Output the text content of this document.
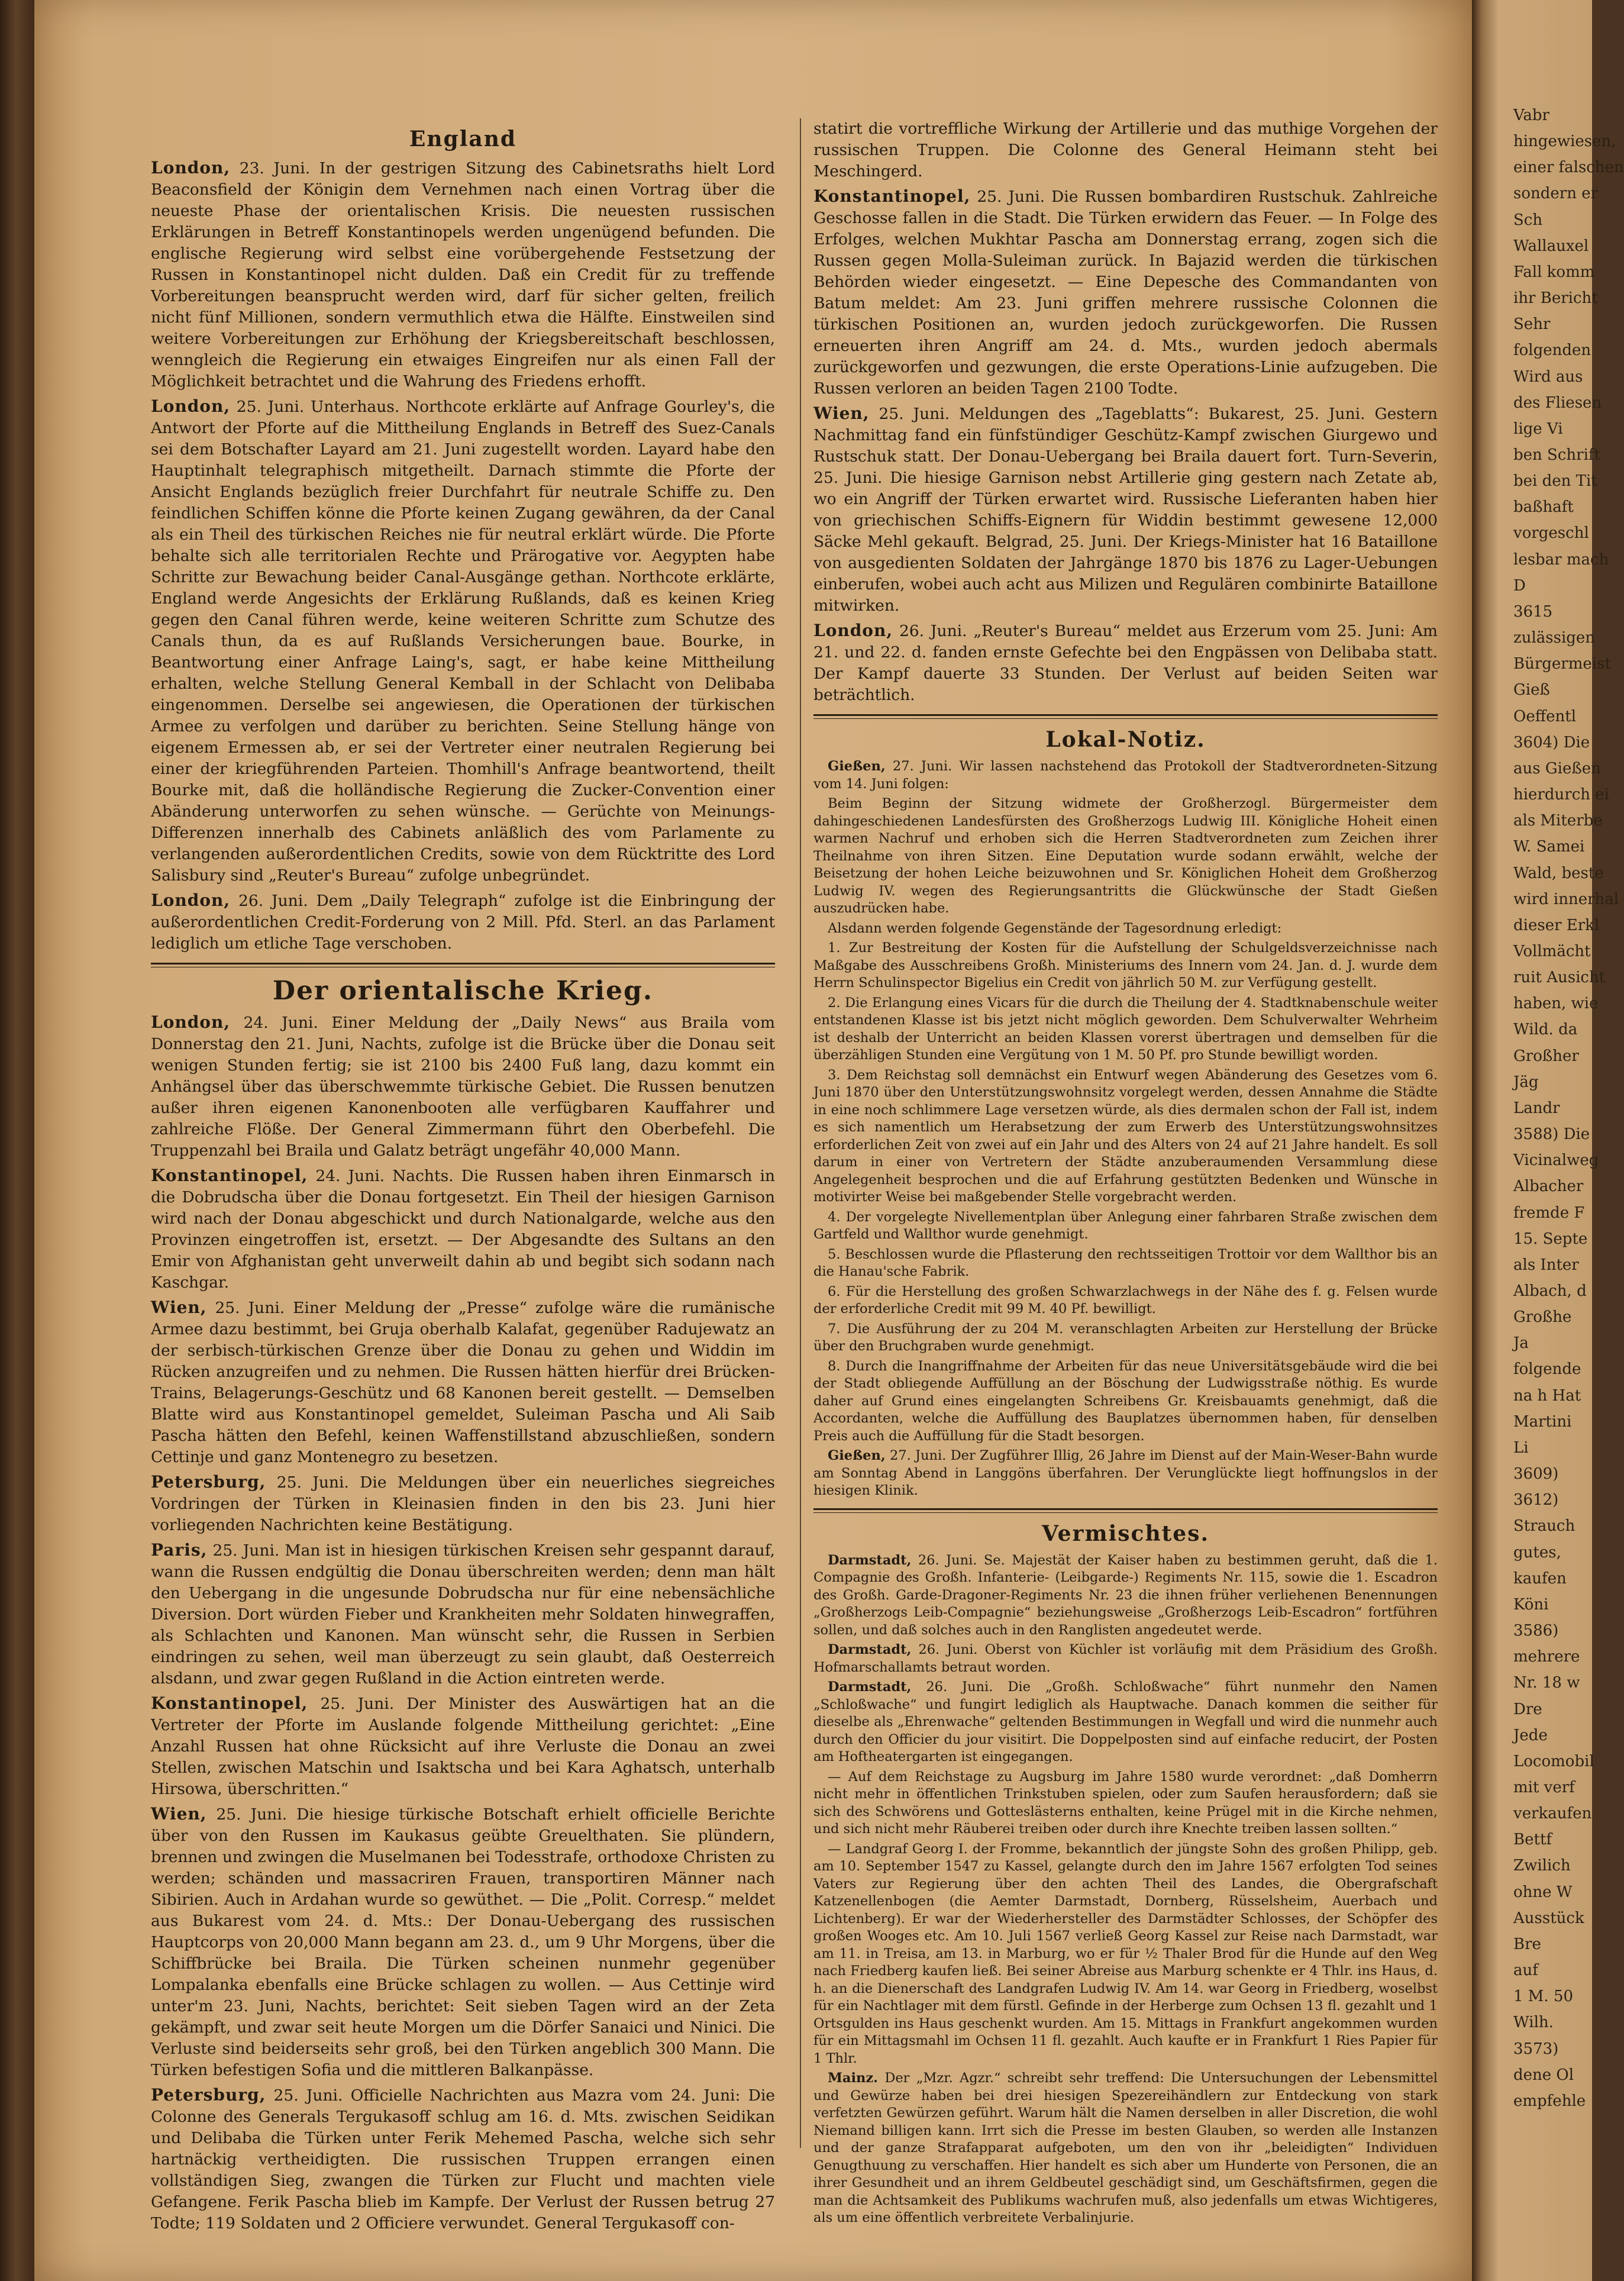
England

London, 23. Juni. In der gestrigen Sitzung des Cabinetsraths hielt Lord Beaconsfield der Königin dem Vernehmen nach einen Vortrag über die neueste Phase der orientalischen Krisis. Die neuesten russischen Erklärungen in Betreff Konstantinopels werden ungenügend befunden. Die englische Regierung wird selbst eine vorübergehende Festsetzung der Russen in Konstantinopel nicht dulden. Daß ein Credit für zu treffende Vorbereitungen beansprucht werden wird, darf für sicher gelten, freilich nicht fünf Millionen, sondern vermuthlich etwa die Hälfte. Einstweilen sind weitere Vorbereitungen zur Erhöhung der Kriegsbereitschaft beschlossen, wenngleich die Regierung ein etwaiges Eingreifen nur als einen Fall der Möglichkeit betrachtet und die Wahrung des Friedens erhofft.

London, 25. Juni. Unterhaus. Northcote erklärte auf Anfrage Gourley's, die Antwort der Pforte auf die Mittheilung Englands in Betreff des Suez-Canals sei dem Botschafter Layard am 21. Juni zugestellt worden. Layard habe den Hauptinhalt telegraphisch mitgetheilt. Darnach stimmte die Pforte der Ansicht Englands bezüglich freier Durchfahrt für neutrale Schiffe zu. Den feindlichen Schiffen könne die Pforte keinen Zugang gewähren, da der Canal als ein Theil des türkischen Reiches nie für neutral erklärt würde. Die Pforte behalte sich alle territorialen Rechte und Prärogative vor. Aegypten habe Schritte zur Bewachung beider Canal-Ausgänge gethan. Northcote erklärte, England werde Angesichts der Erklärung Rußlands, daß es keinen Krieg gegen den Canal führen werde, keine weiteren Schritte zum Schutze des Canals thun, da es auf Rußlands Versicherungen baue. Bourke, in Beantwortung einer Anfrage Laing's, sagt, er habe keine Mittheilung erhalten, welche Stellung General Kemball in der Schlacht von Delibaba eingenommen. Derselbe sei angewiesen, die Operationen der türkischen Armee zu verfolgen und darüber zu berichten. Seine Stellung hänge von eigenem Ermessen ab, er sei der Vertreter einer neutralen Regierung bei einer der kriegführenden Parteien. Thomhill's Anfrage beantwortend, theilt Bourke mit, daß die holländische Regierung die Zucker-Convention einer Abänderung unterworfen zu sehen wünsche. — Gerüchte von Meinungs-Differenzen innerhalb des Cabinets anläßlich des vom Parlamente zu verlangenden außerordentlichen Credits, sowie von dem Rücktritte des Lord Salisbury sind „Reuter's Bureau“ zufolge unbegründet.

London, 26. Juni. Dem „Daily Telegraph“ zufolge ist die Einbringung der außerordentlichen Credit-Forderung von 2 Mill. Pfd. Sterl. an das Parlament lediglich um etliche Tage verschoben.

Der orientalische Krieg.

London, 24. Juni. Einer Meldung der „Daily News“ aus Braila vom Donnerstag den 21. Juni, Nachts, zufolge ist die Brücke über die Donau seit wenigen Stunden fertig; sie ist 2100 bis 2400 Fuß lang, dazu kommt ein Anhängsel über das überschwemmte türkische Gebiet. Die Russen benutzen außer ihren eigenen Kanonenbooten alle verfügbaren Kauffahrer und zahlreiche Flöße. Der General Zimmermann führt den Oberbefehl. Die Truppenzahl bei Braila und Galatz beträgt ungefähr 40,000 Mann.

Konstantinopel, 24. Juni. Nachts. Die Russen haben ihren Einmarsch in die Dobrudscha über die Donau fortgesetzt. Ein Theil der hiesigen Garnison wird nach der Donau abgeschickt und durch Nationalgarde, welche aus den Provinzen eingetroffen ist, ersetzt. — Der Abgesandte des Sultans an den Emir von Afghanistan geht unverweilt dahin ab und begibt sich sodann nach Kaschgar.

Wien, 25. Juni. Einer Meldung der „Presse“ zufolge wäre die rumänische Armee dazu bestimmt, bei Gruja oberhalb Kalafat, gegenüber Radujewatz an der serbisch-türkischen Grenze über die Donau zu gehen und Widdin im Rücken anzugreifen und zu nehmen. Die Russen hätten hierfür drei Brücken-Trains, Belagerungs-Geschütz und 68 Kanonen bereit gestellt. — Demselben Blatte wird aus Konstantinopel gemeldet, Suleiman Pascha und Ali Saib Pascha hätten den Befehl, keinen Waffenstillstand abzuschließen, sondern Cettinje und ganz Montenegro zu besetzen.

Petersburg, 25. Juni. Die Meldungen über ein neuerliches siegreiches Vordringen der Türken in Kleinasien finden in den bis 23. Juni hier vorliegenden Nachrichten keine Bestätigung.

Paris, 25. Juni. Man ist in hiesigen türkischen Kreisen sehr gespannt darauf, wann die Russen endgültig die Donau überschreiten werden; denn man hält den Uebergang in die ungesunde Dobrudscha nur für eine nebensächliche Diversion. Dort würden Fieber und Krankheiten mehr Soldaten hinwegraffen, als Schlachten und Kanonen. Man wünscht sehr, die Russen in Serbien eindringen zu sehen, weil man überzeugt zu sein glaubt, daß Oesterreich alsdann, und zwar gegen Rußland in die Action eintreten werde.

Konstantinopel, 25. Juni. Der Minister des Auswärtigen hat an die Vertreter der Pforte im Auslande folgende Mittheilung gerichtet: „Eine Anzahl Russen hat ohne Rücksicht auf ihre Verluste die Donau an zwei Stellen, zwischen Matschin und Isaktscha und bei Kara Aghatsch, unterhalb Hirsowa, überschritten.“

Wien, 25. Juni. Die hiesige türkische Botschaft erhielt officielle Berichte über von den Russen im Kaukasus geübte Greuelthaten. Sie plündern, brennen und zwingen die Muselmanen bei Todesstrafe, orthodoxe Christen zu werden; schänden und massacriren Frauen, transportiren Männer nach Sibirien. Auch in Ardahan wurde so gewüthet. — Die „Polit. Corresp.“ meldet aus Bukarest vom 24. d. Mts.: Der Donau-Uebergang des russischen Hauptcorps von 20,000 Mann begann am 23. d., um 9 Uhr Morgens, über die Schiffbrücke bei Braila. Die Türken scheinen nunmehr gegenüber Lompalanka ebenfalls eine Brücke schlagen zu wollen. — Aus Cettinje wird unter'm 23. Juni, Nachts, berichtet: Seit sieben Tagen wird an der Zeta gekämpft, und zwar seit heute Morgen um die Dörfer Sanaici und Ninici. Die Verluste sind beiderseits sehr groß, bei den Türken angeblich 300 Mann. Die Türken befestigen Sofia und die mittleren Balkanpässe.

Petersburg, 25. Juni. Officielle Nachrichten aus Mazra vom 24. Juni: Die Colonne des Generals Tergukasoff schlug am 16. d. Mts. zwischen Seidikan und Delibaba die Türken unter Ferik Mehemed Pascha, welche sich sehr hartnäckig vertheidigten. Die russischen Truppen errangen einen vollständigen Sieg, zwangen die Türken zur Flucht und machten viele Gefangene. Ferik Pascha blieb im Kampfe. Der Verlust der Russen betrug 27 Todte; 119 Soldaten und 2 Officiere verwundet. General Tergukasoff con-

statirt die vortreffliche Wirkung der Artillerie und das muthige Vorgehen der russischen Truppen. Die Colonne des General Heimann steht bei Meschingerd.

Konstantinopel, 25. Juni. Die Russen bombardiren Rustschuk. Zahlreiche Geschosse fallen in die Stadt. Die Türken erwidern das Feuer. — In Folge des Erfolges, welchen Mukhtar Pascha am Donnerstag errang, zogen sich die Russen gegen Molla-Suleiman zurück. In Bajazid werden die türkischen Behörden wieder eingesetzt. — Eine Depesche des Commandanten von Batum meldet: Am 23. Juni griffen mehrere russische Colonnen die türkischen Positionen an, wurden jedoch zurückgeworfen. Die Russen erneuerten ihren Angriff am 24. d. Mts., wurden jedoch abermals zurückgeworfen und gezwungen, die erste Operations-Linie aufzugeben. Die Russen verloren an beiden Tagen 2100 Todte.

Wien, 25. Juni. Meldungen des „Tageblatts“: Bukarest, 25. Juni. Gestern Nachmittag fand ein fünfstündiger Geschütz-Kampf zwischen Giurgewo und Rustschuk statt. Der Donau-Uebergang bei Braila dauert fort. Turn-Severin, 25. Juni. Die hiesige Garnison nebst Artillerie ging gestern nach Zetate ab, wo ein Angriff der Türken erwartet wird. Russische Lieferanten haben hier von griechischen Schiffs-Eignern für Widdin bestimmt gewesene 12,000 Säcke Mehl gekauft. Belgrad, 25. Juni. Der Kriegs-Minister hat 16 Bataillone von ausgedienten Soldaten der Jahrgänge 1870 bis 1876 zu Lager-Uebungen einberufen, wobei auch acht aus Milizen und Regulären combinirte Bataillone mitwirken.

London, 26. Juni. „Reuter's Bureau“ meldet aus Erzerum vom 25. Juni: Am 21. und 22. d. fanden ernste Gefechte bei den Engpässen von Delibaba statt. Der Kampf dauerte 33 Stunden. Der Verlust auf beiden Seiten war beträchtlich.

Lokal-Notiz.

Gießen, 27. Juni. Wir lassen nachstehend das Protokoll der Stadtverordneten-Sitzung vom 14. Juni folgen:

Beim Beginn der Sitzung widmete der Großherzogl. Bürgermeister dem dahingeschiedenen Landesfürsten des Großherzogs Ludwig III. Königliche Hoheit einen warmen Nachruf und erhoben sich die Herren Stadtverordneten zum Zeichen ihrer Theilnahme von ihren Sitzen. Eine Deputation wurde sodann erwählt, welche der Beisetzung der hohen Leiche beizuwohnen und Sr. Königlichen Hoheit dem Großherzog Ludwig IV. wegen des Regierungsantritts die Glückwünsche der Stadt Gießen auszudrücken habe.

Alsdann werden folgende Gegenstände der Tagesordnung erledigt:

1. Zur Bestreitung der Kosten für die Aufstellung der Schulgeldsverzeichnisse nach Maßgabe des Ausschreibens Großh. Ministeriums des Innern vom 24. Jan. d. J. wurde dem Herrn Schulinspector Bigelius ein Credit von jährlich 50 M. zur Verfügung gestellt.

2. Die Erlangung eines Vicars für die durch die Theilung der 4. Stadtknabenschule weiter entstandenen Klasse ist bis jetzt nicht möglich geworden. Dem Schulverwalter Wehrheim ist deshalb der Unterricht an beiden Klassen vorerst übertragen und demselben für die überzähligen Stunden eine Vergütung von 1 M. 50 Pf. pro Stunde bewilligt worden.

3. Dem Reichstag soll demnächst ein Entwurf wegen Abänderung des Gesetzes vom 6. Juni 1870 über den Unterstützungswohnsitz vorgelegt werden, dessen Annahme die Städte in eine noch schlimmere Lage versetzen würde, als dies dermalen schon der Fall ist, indem es sich namentlich um Herabsetzung der zum Erwerb des Unterstützungswohnsitzes erforderlichen Zeit von zwei auf ein Jahr und des Alters von 24 auf 21 Jahre handelt. Es soll darum in einer von Vertretern der Städte anzuberaumenden Versammlung diese Angelegenheit besprochen und die auf Erfahrung gestützten Bedenken und Wünsche in motivirter Weise bei maßgebender Stelle vorgebracht werden.

4. Der vorgelegte Nivellementplan über Anlegung einer fahrbaren Straße zwischen dem Gartfeld und Wallthor wurde genehmigt.

5. Beschlossen wurde die Pflasterung den rechtsseitigen Trottoir vor dem Wallthor bis an die Hanau'sche Fabrik.

6. Für die Herstellung des großen Schwarzlachwegs in der Nähe des f. g. Felsen wurde der erforderliche Credit mit 99 M. 40 Pf. bewilligt.

7. Die Ausführung der zu 204 M. veranschlagten Arbeiten zur Herstellung der Brücke über den Bruchgraben wurde genehmigt.

8. Durch die Inangriffnahme der Arbeiten für das neue Universitätsgebäude wird die bei der Stadt obliegende Auffüllung an der Böschung der Ludwigsstraße nöthig. Es wurde daher auf Grund eines eingelangten Schreibens Gr. Kreisbauamts genehmigt, daß die Accordanten, welche die Auffüllung des Bauplatzes übernommen haben, für denselben Preis auch die Auffüllung für die Stadt besorgen.

Gießen, 27. Juni. Der Zugführer Illig, 26 Jahre im Dienst auf der Main-Weser-Bahn wurde am Sonntag Abend in Langgöns überfahren. Der Verunglückte liegt hoffnungslos in der hiesigen Klinik.

Vermischtes.

Darmstadt, 26. Juni. Se. Majestät der Kaiser haben zu bestimmen geruht, daß die 1. Compagnie des Großh. Infanterie- (Leibgarde-) Regiments Nr. 115, sowie die 1. Escadron des Großh. Garde-Dragoner-Regiments Nr. 23 die ihnen früher verliehenen Benennungen „Großherzogs Leib-Compagnie“ beziehungsweise „Großherzogs Leib-Escadron“ fortführen sollen, und daß solches auch in den Ranglisten angedeutet werde.

Darmstadt, 26. Juni. Oberst von Küchler ist vorläufig mit dem Präsidium des Großh. Hofmarschallamts betraut worden.

Darmstadt, 26. Juni. Die „Großh. Schloßwache“ führt nunmehr den Namen „Schloßwache“ und fungirt lediglich als Hauptwache. Danach kommen die seither für dieselbe als „Ehrenwache“ geltenden Bestimmungen in Wegfall und wird die nunmehr auch durch den Officier du jour visitirt. Die Doppelposten sind auf einfache reducirt, der Posten am Hoftheatergarten ist eingegangen.

— Auf dem Reichstage zu Augsburg im Jahre 1580 wurde verordnet: „daß Domherrn nicht mehr in öffentlichen Trinkstuben spielen, oder zum Saufen herausfordern; daß sie sich des Schwörens und Gotteslästerns enthalten, keine Prügel mit in die Kirche nehmen, und sich nicht mehr Räuberei treiben oder durch ihre Knechte treiben lassen sollten.“

— Landgraf Georg I. der Fromme, bekanntlich der jüngste Sohn des großen Philipp, geb. am 10. September 1547 zu Kassel, gelangte durch den im Jahre 1567 erfolgten Tod seines Vaters zur Regierung über den achten Theil des Landes, die Obergrafschaft Katzenellenbogen (die Aemter Darmstadt, Dornberg, Rüsselsheim, Auerbach und Lichtenberg). Er war der Wiederhersteller des Darmstädter Schlosses, der Schöpfer des großen Wooges etc. Am 10. Juli 1567 verließ Georg Kassel zur Reise nach Darmstadt, war am 11. in Treisa, am 13. in Marburg, wo er für ½ Thaler Brod für die Hunde auf den Weg nach Friedberg kaufen ließ. Bei seiner Abreise aus Marburg schenkte er 4 Thlr. ins Haus, d. h. an die Dienerschaft des Landgrafen Ludwig IV. Am 14. war Georg in Friedberg, woselbst für ein Nachtlager mit dem fürstl. Gefinde in der Herberge zum Ochsen 13 fl. gezahlt und 1 Ortsgulden ins Haus geschenkt wurden. Am 15. Mittags in Frankfurt angekommen wurden für ein Mittagsmahl im Ochsen 11 fl. gezahlt. Auch kaufte er in Frankfurt 1 Ries Papier für 1 Thlr.

Mainz. Der „Mzr. Agzr.“ schreibt sehr treffend: Die Untersuchungen der Lebensmittel und Gewürze haben bei drei hiesigen Spezereihändlern zur Entdeckung von stark verfetzten Gewürzen geführt. Warum hält die Namen derselben in aller Discretion, die wohl Niemand billigen kann. Irrt sich die Presse im besten Glauben, so werden alle Instanzen und der ganze Strafapparat aufgeboten, um den von ihr „beleidigten“ Individuen Genugthuung zu verschaffen. Hier handelt es sich aber um Hunderte von Personen, die an ihrer Gesundheit und an ihrem Geldbeutel geschädigt sind, um Geschäftsfirmen, gegen die man die Achtsamkeit des Publikums wachrufen muß, also jedenfalls um etwas Wichtigeres, als um eine öffentlich verbreitete Verbalinjurie.

Vabr
hingewiesen,
einer falschen
sondern er
Sch
Wallauxel
Fall komm
ihr Bericht
Sehr
folgenden
Wird aus
des Fliesen
lige Vi
ben Schrift
bei den Tit
baßhaft
vorgeschl
lesbar mach
D
3615
zulässigen
Bürgermeist
Gieß
Oeffentl
3604) Die
aus Gießen
hierdurch ei
als Miterbe
W. Samei
Wald, beste
wird innerhal
dieser Erkl
Vollmächt
ruit Ausicht
haben, wie
Wild. da
Großher
Jäg
Landr
3588) Die
Vicinalweg
Albacher
fremde F
15. Septe
als Inter
Albach, d
Großhe
Ja
folgende
na h Hat
Martini
Li
3609)
3612)
Strauch
gutes,
kaufen
Köni
3586)
mehrere
Nr. 18 w
Dre
Jede
Locomobil
mit verf
verkaufen
Bettf
Zwilich
ohne W
Ausstück
Bre
auf
1 M. 50
Wilh.
3573)
dene Ol
empfehle
